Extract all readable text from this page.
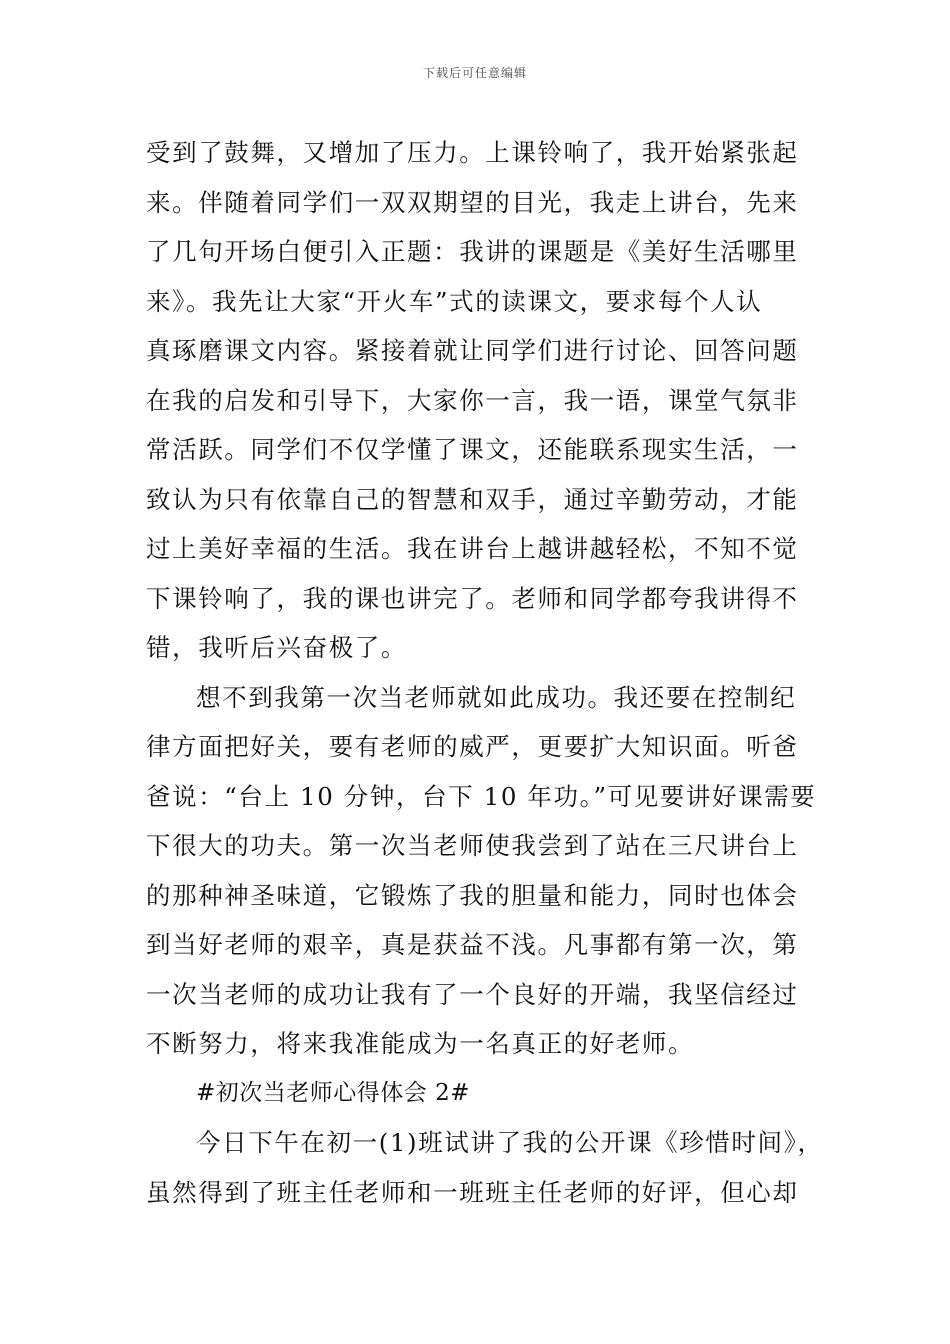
下载后可任意编辑
受到了鼓舞，又增加了压力。上课铃响了，我开始紧张起
来。伴随着同学们一双双期望的目光，我走上讲台，先来
了几句开场白便引入正题：我讲的课题是《美好生活哪里
来》。我先让大家“开火车”式的读课文，要求每个人认
真琢磨课文内容。紧接着就让同学们进行讨论、回答问题
在我的启发和引导下，大家你一言，我一语，课堂气氛非
常活跃。同学们不仅学懂了课文，还能联系现实生活，一
致认为只有依靠自己的智慧和双手，通过辛勤劳动，才能
过上美好幸福的生活。我在讲台上越讲越轻松，不知不觉
下课铃响了，我的课也讲完了。老师和同学都夸我讲得不
错，我听后兴奋极了。
想不到我第一次当老师就如此成功。我还要在控制纪
律方面把好关，要有老师的威严，更要扩大知识面。听爸
爸说：“台上 10 分钟，台下 10 年功。”可见要讲好课需要
下很大的功夫。第一次当老师使我尝到了站在三尺讲台上
的那种神圣味道，它锻炼了我的胆量和能力，同时也体会
到当好老师的艰辛，真是获益不浅。凡事都有第一次，第
一次当老师的成功让我有了一个良好的开端，我坚信经过
不断努力，将来我准能成为一名真正的好老师。
#初次当老师心得体会 2#
今日下午在初一(1)班试讲了我的公开课《珍惜时间》，
虽然得到了班主任老师和一班班主任老师的好评，但心却
